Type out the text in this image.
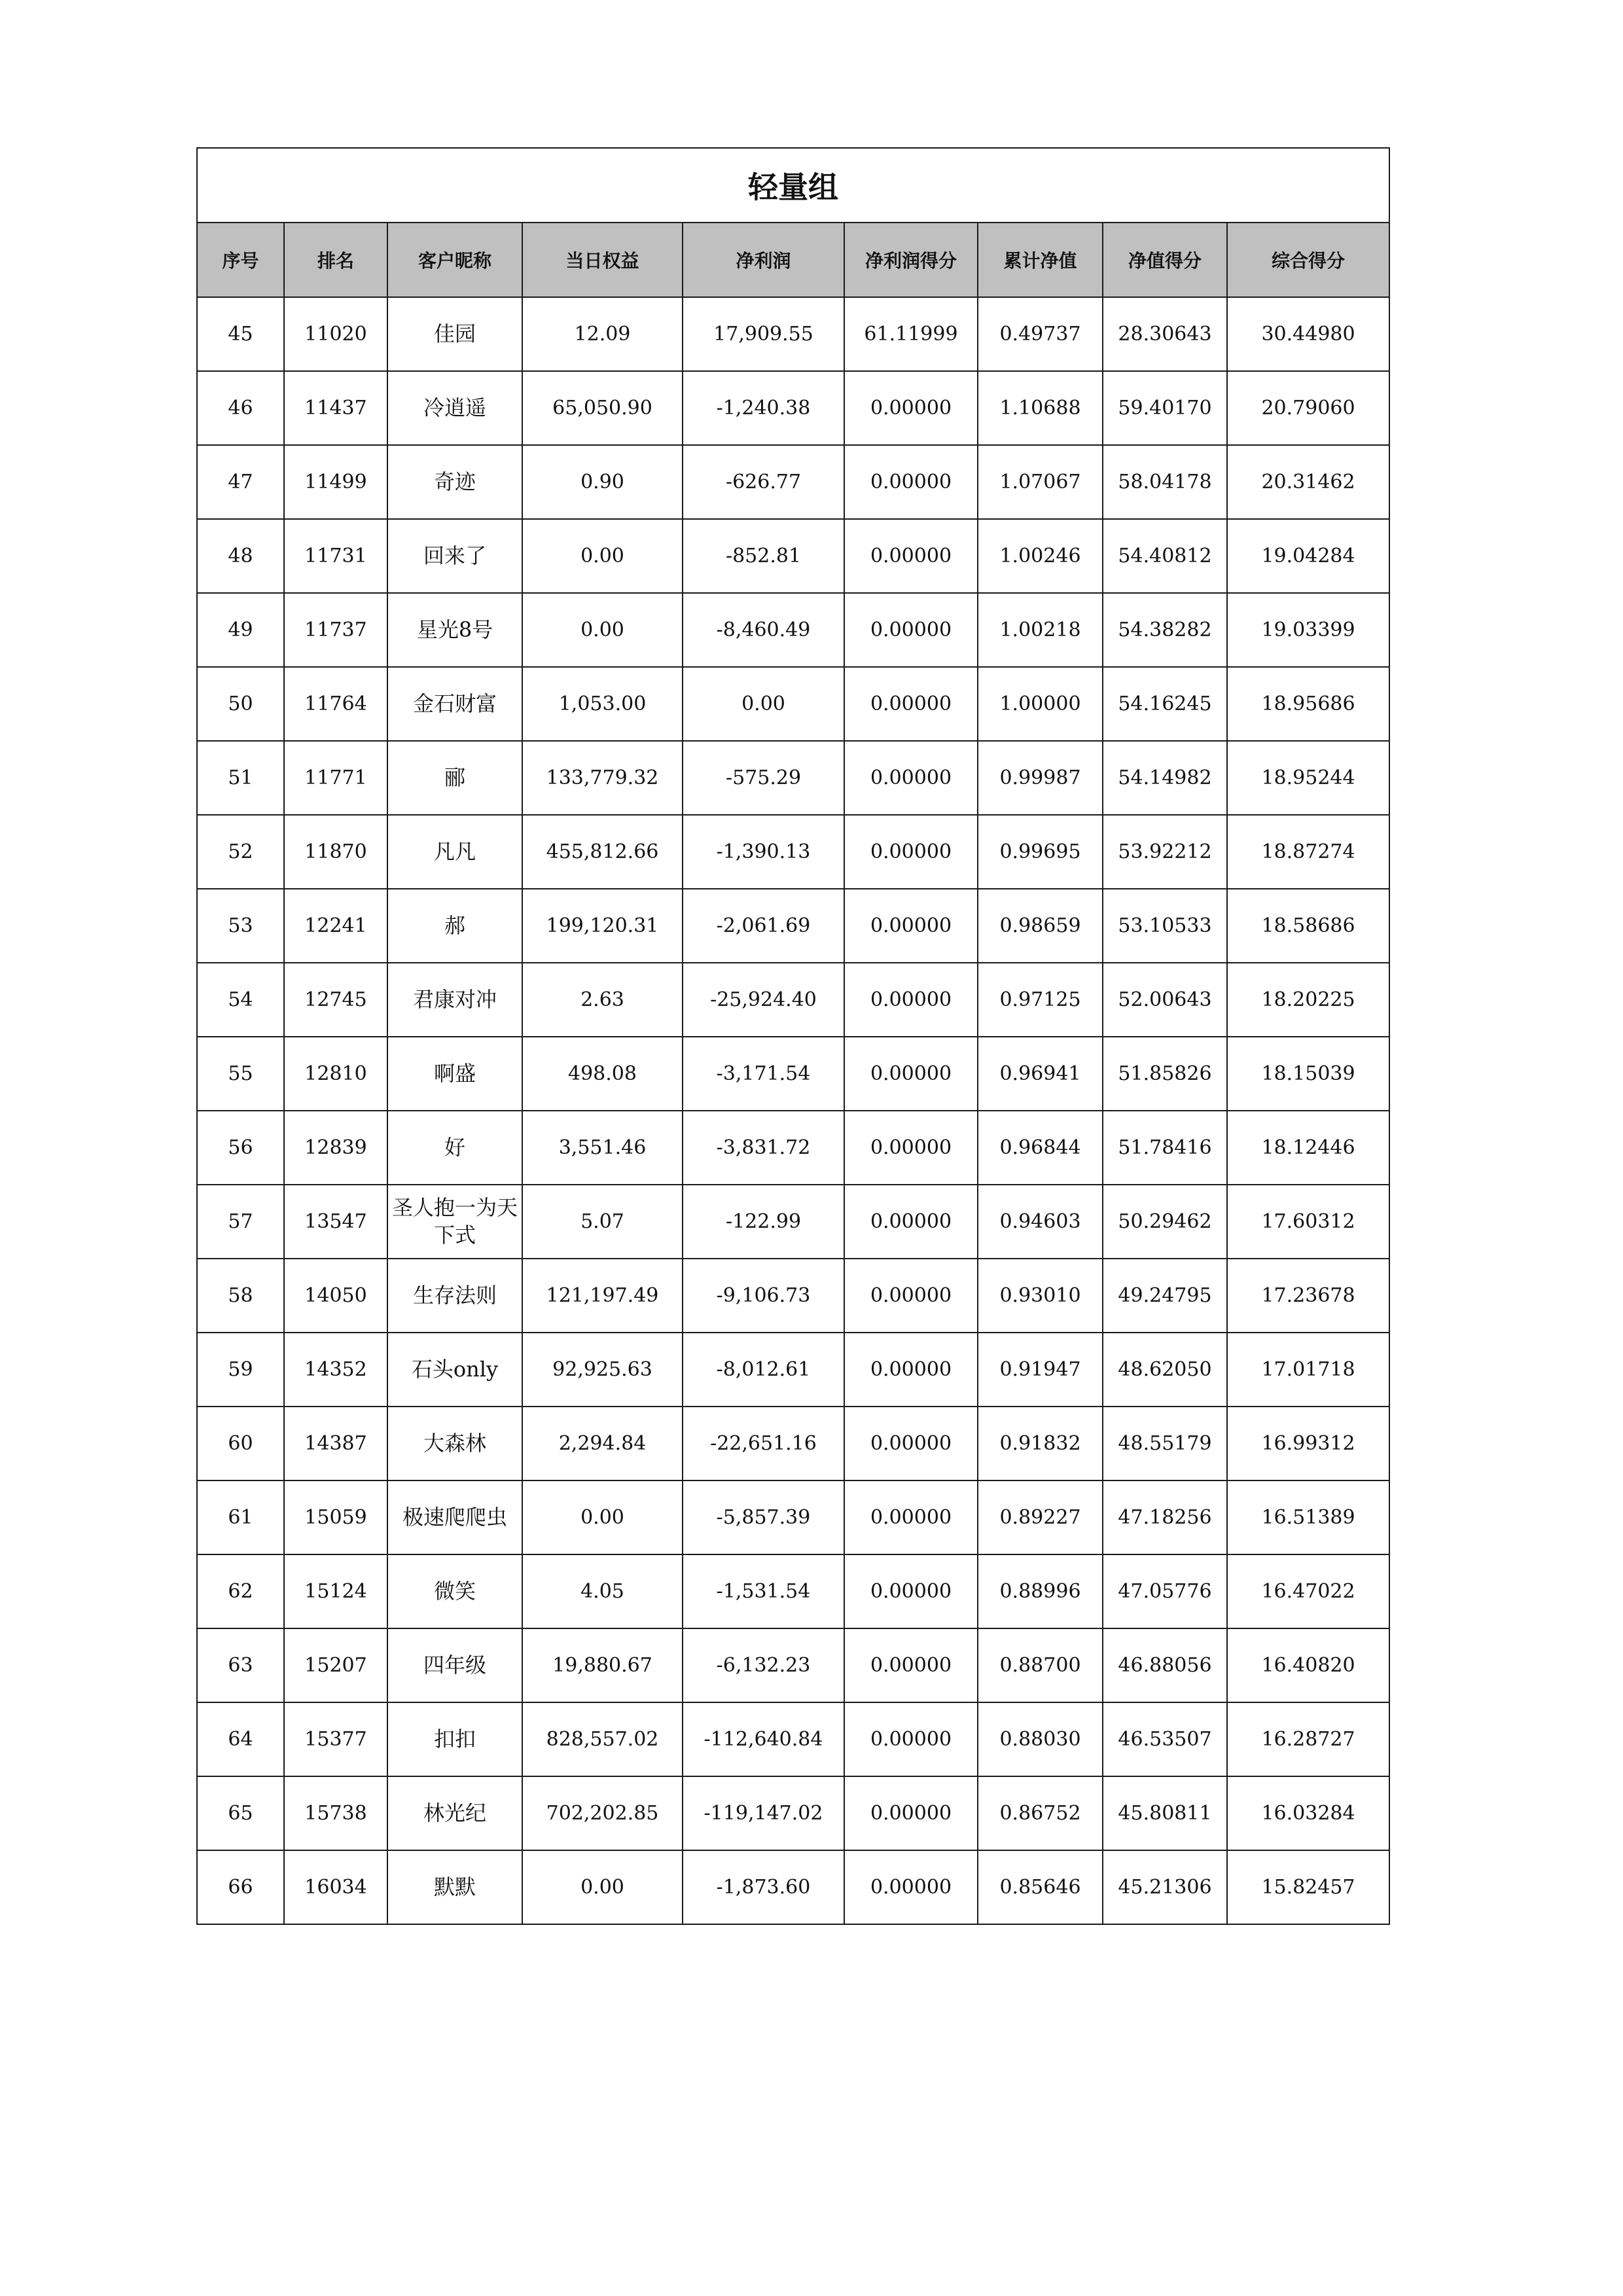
轻量组								
序号	排名	客户昵称	当日权益	净利润	净利润得分	累计净值	净值得分	综合得分
45	11020	佳园	12.09	17,909.55	61.11999	0.49737	28.30643	30.44980
46	11437	冷逍遥	65,050.90	-1,240.38	0.00000	1.10688	59.40170	20.79060
47	11499	奇迹	0.90	-626.77	0.00000	1.07067	58.04178	20.31462
48	11731	回来了	0.00	-852.81	0.00000	1.00246	54.40812	19.04284
49	11737	星光8号	0.00	-8,460.49	0.00000	1.00218	54.38282	19.03399
50	11764	金石财富	1,053.00	0.00	0.00000	1.00000	54.16245	18.95686
51	11771	郦	133,779.32	-575.29	0.00000	0.99987	54.14982	18.95244
52	11870	凡凡	455,812.66	-1,390.13	0.00000	0.99695	53.92212	18.87274
53	12241	郝	199,120.31	-2,061.69	0.00000	0.98659	53.10533	18.58686
54	12745	君康对冲	2.63	-25,924.40	0.00000	0.97125	52.00643	18.20225
55	12810	啊盛	498.08	-3,171.54	0.00000	0.96941	51.85826	18.15039
56	12839	好	3,551.46	-3,831.72	0.00000	0.96844	51.78416	18.12446
57	13547	圣人抱一为天下式	5.07	-122.99	0.00000	0.94603	50.29462	17.60312
58	14050	生存法则	121,197.49	-9,106.73	0.00000	0.93010	49.24795	17.23678
59	14352	石头only	92,925.63	-8,012.61	0.00000	0.91947	48.62050	17.01718
60	14387	大森林	2,294.84	-22,651.16	0.00000	0.91832	48.55179	16.99312
61	15059	极速爬爬虫	0.00	-5,857.39	0.00000	0.89227	47.18256	16.51389
62	15124	微笑	4.05	-1,531.54	0.00000	0.88996	47.05776	16.47022
63	15207	四年级	19,880.67	-6,132.23	0.00000	0.88700	46.88056	16.40820
64	15377	扣扣	828,557.02	-112,640.84	0.00000	0.88030	46.53507	16.28727
65	15738	林光纪	702,202.85	-119,147.02	0.00000	0.86752	45.80811	16.03284
66	16034	默默	0.00	-1,873.60	0.00000	0.85646	45.21306	15.82457
